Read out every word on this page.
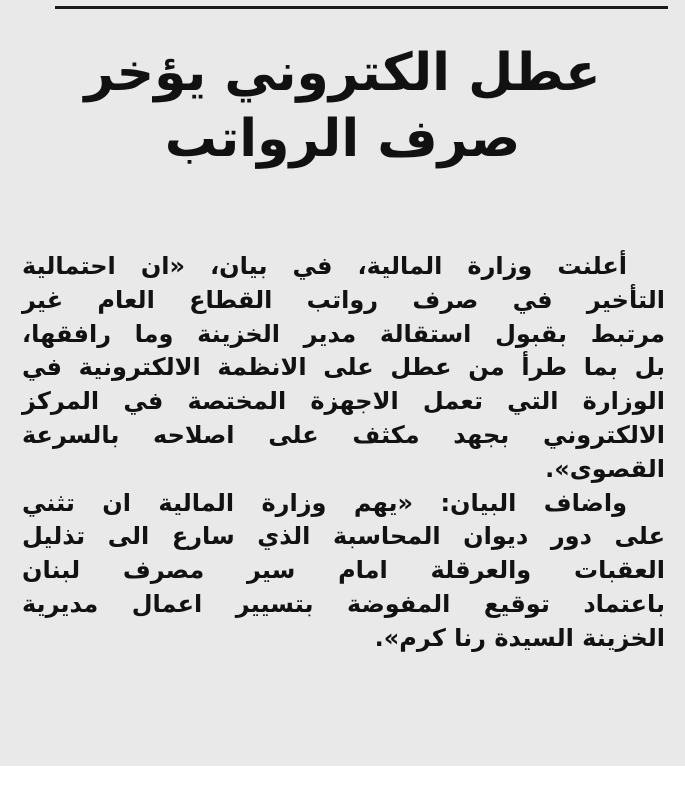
عطل الكتروني يؤخر
صرف الرواتب
أعلنت وزارة المالية، في بيان، «ان احتمالية
التأخير في صرف رواتب القطاع العام غير
مرتبط بقبول استقالة مدير الخزينة وما رافقها،
بل بما طرأ من عطل على الانظمة الالكترونية في
الوزارة التي تعمل الاجهزة المختصة في المركز
الالكتروني بجهد مكثف على اصلاحه بالسرعة
القصوى».
واضاف البيان: «يهم وزارة المالية ان تثني
على دور ديوان المحاسبة الذي سارع الى تذليل
العقبات والعرقلة امام سير مصرف لبنان
باعتماد توقيع المفوضة بتسيير اعمال مديرية
الخزينة السيدة رنا كرم».
